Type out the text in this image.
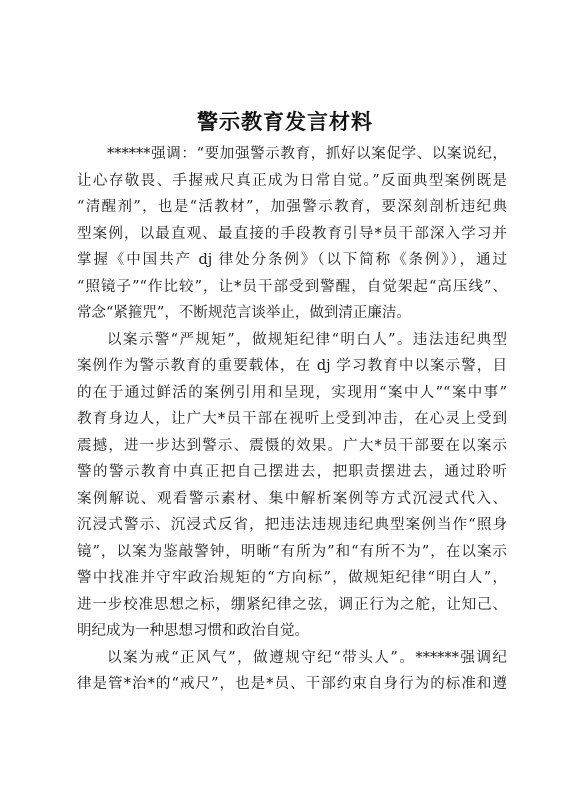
警示教育发言材料
******强调：“要加强警示教育，抓好以案促学、以案说纪，
让心存敬畏、手握戒尺真正成为日常自觉。”反面典型案例既是
“清醒剂”，也是“活教材”，加强警示教育，要深刻剖析违纪典
型案例，以最直观、最直接的手段教育引导*员干部深入学习并
掌握《中国共产 dj 律处分条例》（以下简称《条例》），通过
“照镜子”“作比较”，让*员干部受到警醒，自觉架起“高压线”、
常念“紧箍咒”，不断规范言谈举止，做到清正廉洁。
以案示警“严规矩”，做规矩纪律“明白人”。违法违纪典型
案例作为警示教育的重要载体，在 dj 学习教育中以案示警，目
的在于通过鲜活的案例引用和呈现，实现用“案中人”“案中事”
教育身边人，让广大*员干部在视听上受到冲击，在心灵上受到
震撼，进一步达到警示、震慑的效果。广大*员干部要在以案示
警的警示教育中真正把自己摆进去，把职责摆进去，通过聆听
案例解说、观看警示素材、集中解析案例等方式沉浸式代入、
沉浸式警示、沉浸式反省，把违法违规违纪典型案例当作“照身
镜”，以案为鉴敲警钟，明晰“有所为”和“有所不为”，在以案示
警中找准并守牢政治规矩的“方向标”，做规矩纪律“明白人”，
进一步校准思想之标，绷紧纪律之弦，调正行为之舵，让知己、
明纪成为一种思想习惯和政治自觉。
以案为戒“正风气”，做遵规守纪“带头人”。******强调纪
律是管*治*的“戒尺”，也是*员、干部约束自身行为的标准和遵
